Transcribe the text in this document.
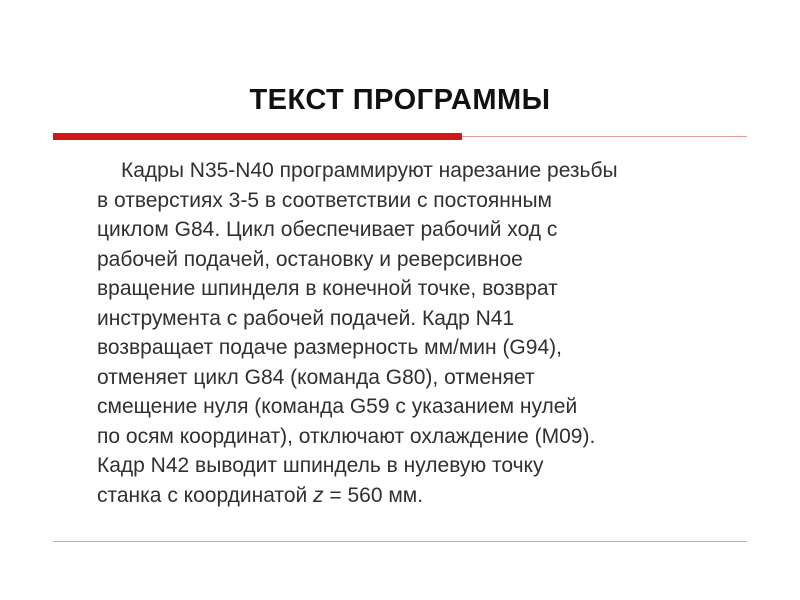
ТЕКСТ ПРОГРАММЫ
Кадры N35-N40 программируют нарезание резьбы
в отверстиях 3-5 в соответствии с постоянным
циклом G84. Цикл обеспечивает рабочий ход с
рабочей подачей, остановку и реверсивное
вращение шпинделя в конечной точке, возврат
инструмента с рабочей подачей. Кадр N41
возвращает подаче размерность мм/мин (G94),
отменяет цикл G84 (команда G80), отменяет
смещение нуля (команда G59 с указанием нулей
по осям координат), отключают охлаждение (M09).
Кадр N42 выводит шпиндель в нулевую точку
станка с координатой z = 560 мм.
